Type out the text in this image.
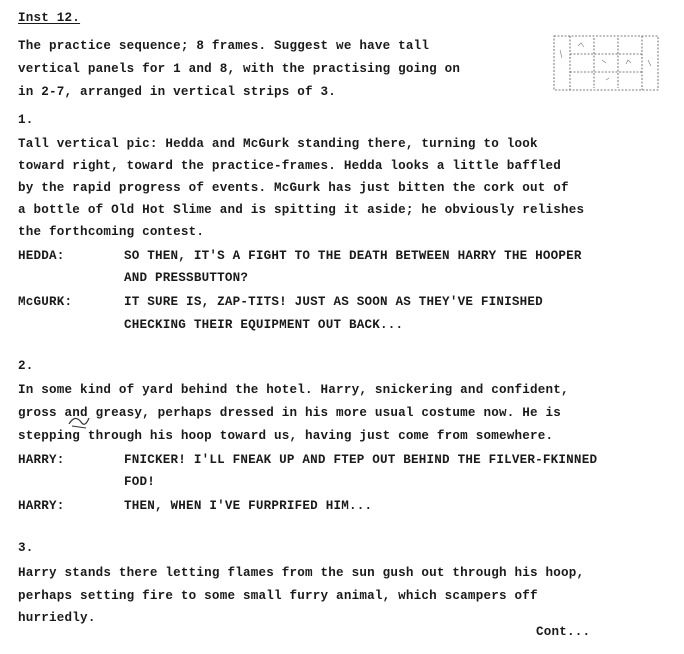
Inst 12.
The practice sequence; 8 frames. Suggest we have tall
vertical panels for 1 and 8, with the practising going on
in 2-7, arranged in vertical strips of 3.
1.
Tall vertical pic: Hedda and McGurk standing there, turning to look
toward right, toward the practice-frames. Hedda looks a little baffled
by the rapid progress of events. McGurk has just bitten the cork out of
a bottle of Old Hot Slime and is spitting it aside; he obviously relishes
the forthcoming contest.
HEDDA:	SO THEN, IT'S A FIGHT TO THE DEATH BETWEEN HARRY THE HOOPER
AND PRESSBUTTON?
McGURK:	IT SURE IS, ZAP-TITS! JUST AS SOON AS THEY'VE FINISHED
CHECKING THEIR EQUIPMENT OUT BACK...
2.
In some kind of yard behind the hotel. Harry, snickering and confident,
gross and greasy, perhaps dressed in his more usual costume now. He is
stepping through his hoop toward us, having just come from somewhere.
HARRY:	FNICKER! I'LL FNEAK UP AND FTEP OUT BEHIND THE FILVER-FKINNED
FOD!
HARRY:	THEN, WHEN I'VE FURPRIFED HIM...
3.
Harry stands there letting flames from the sun gush out through his hoop,
perhaps setting fire to some small furry animal, which scampers off
hurriedly.
Cont...
